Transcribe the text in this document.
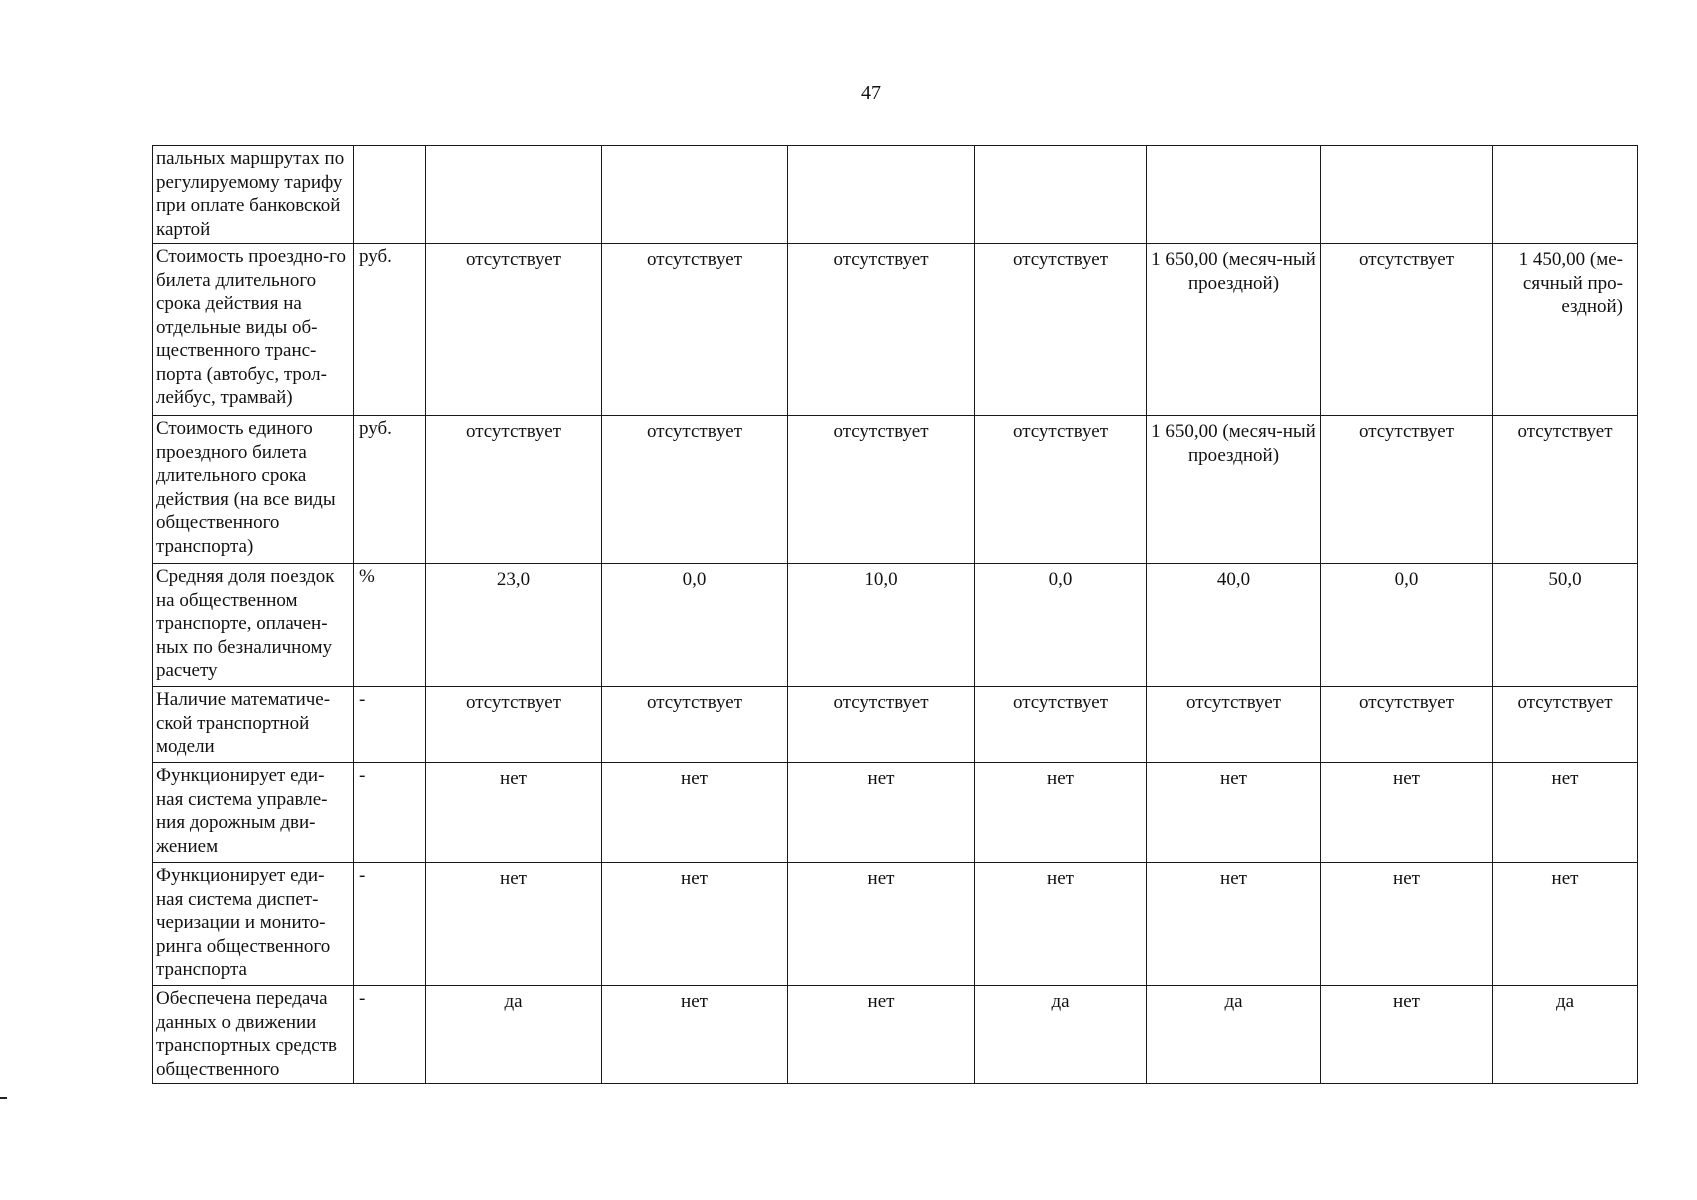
47
пальных маршрутах по регулируемому тарифу при оплате банковской картой								
Стоимость проездно-го билета длительного срока действия на отдельные виды об-щественного транс-порта (автобус, трол-лейбус, трамвай)	руб.	отсутствует	отсутствует	отсутствует	отсутствует	1 650,00 (месяч-ный проездной)	отсутствует	1 450,00 (ме-сячный про-ездной)
Стоимость единого проездного билета длительного срока действия (на все виды общественного транспорта)	руб.	отсутствует	отсутствует	отсутствует	отсутствует	1 650,00 (месяч-ный проездной)	отсутствует	отсутствует
Средняя доля поездок на общественном транспорте, оплачен-ных по безналичному расчету	%	23,0	0,0	10,0	0,0	40,0	0,0	50,0
Наличие математиче-ской транспортной модели	-	отсутствует	отсутствует	отсутствует	отсутствует	отсутствует	отсутствует	отсутствует
Функционирует еди-ная система управле-ния дорожным дви-жением	-	нет	нет	нет	нет	нет	нет	нет
Функционирует еди-ная система диспет-черизации и монито-ринга общественного транспорта	-	нет	нет	нет	нет	нет	нет	нет
Обеспечена передача данных о движении транспортных средств общественного	-	да	нет	нет	да	да	нет	да
